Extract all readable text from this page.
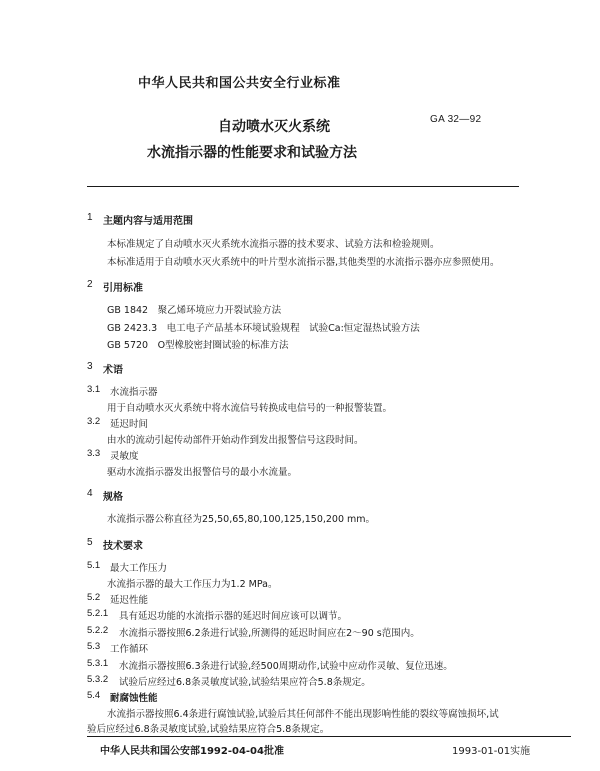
中华人民共和国公共安全行业标准
自动喷水灭火系统
水流指示器的性能要求和试验方法
GA 32—92
1 主题内容与适用范围
本标准规定了自动喷水灭火系统水流指示器的技术要求、试验方法和检验规则。
本标准适用于自动喷水灭火系统中的叶片型水流指示器,其他类型的水流指示器亦应参照使用。
2 引用标准
GB 1842　聚乙烯环境应力开裂试验方法
GB 2423.3　电工电子产品基本环境试验规程　试验Ca:恒定湿热试验方法
GB 5720　O型橡胶密封圈试验的标准方法
3 术语
3.1 水流指示器
用于自动喷水灭火系统中将水流信号转换成电信号的一种报警装置。
3.2 延迟时间
由水的流动引起传动部件开始动作到发出报警信号这段时间。
3.3 灵敏度
驱动水流指示器发出报警信号的最小水流量。
4 规格
水流指示器公称直径为25,50,65,80,100,125,150,200 mm。
5 技术要求
5.1 最大工作压力
水流指示器的最大工作压力为1.2 MPa。
5.2 延迟性能
5.2.1 具有延迟功能的水流指示器的延迟时间应该可以调节。
5.2.2 水流指示器按照6.2条进行试验,所测得的延迟时间应在2～90 s范围内。
5.3 工作循环
5.3.1 水流指示器按照6.3条进行试验,经500周期动作,试验中应动作灵敏、复位迅速。
5.3.2 试验后应经过6.8条灵敏度试验,试验结果应符合5.8条规定。
5.4 耐腐蚀性能
水流指示器按照6.4条进行腐蚀试验,试验后其任何部件不能出现影响性能的裂纹等腐蚀损坏,试
验后应经过6.8条灵敏度试验,试验结果应符合5.8条规定。
中华人民共和国公安部1992-04-04批准	1993-01-01实施
